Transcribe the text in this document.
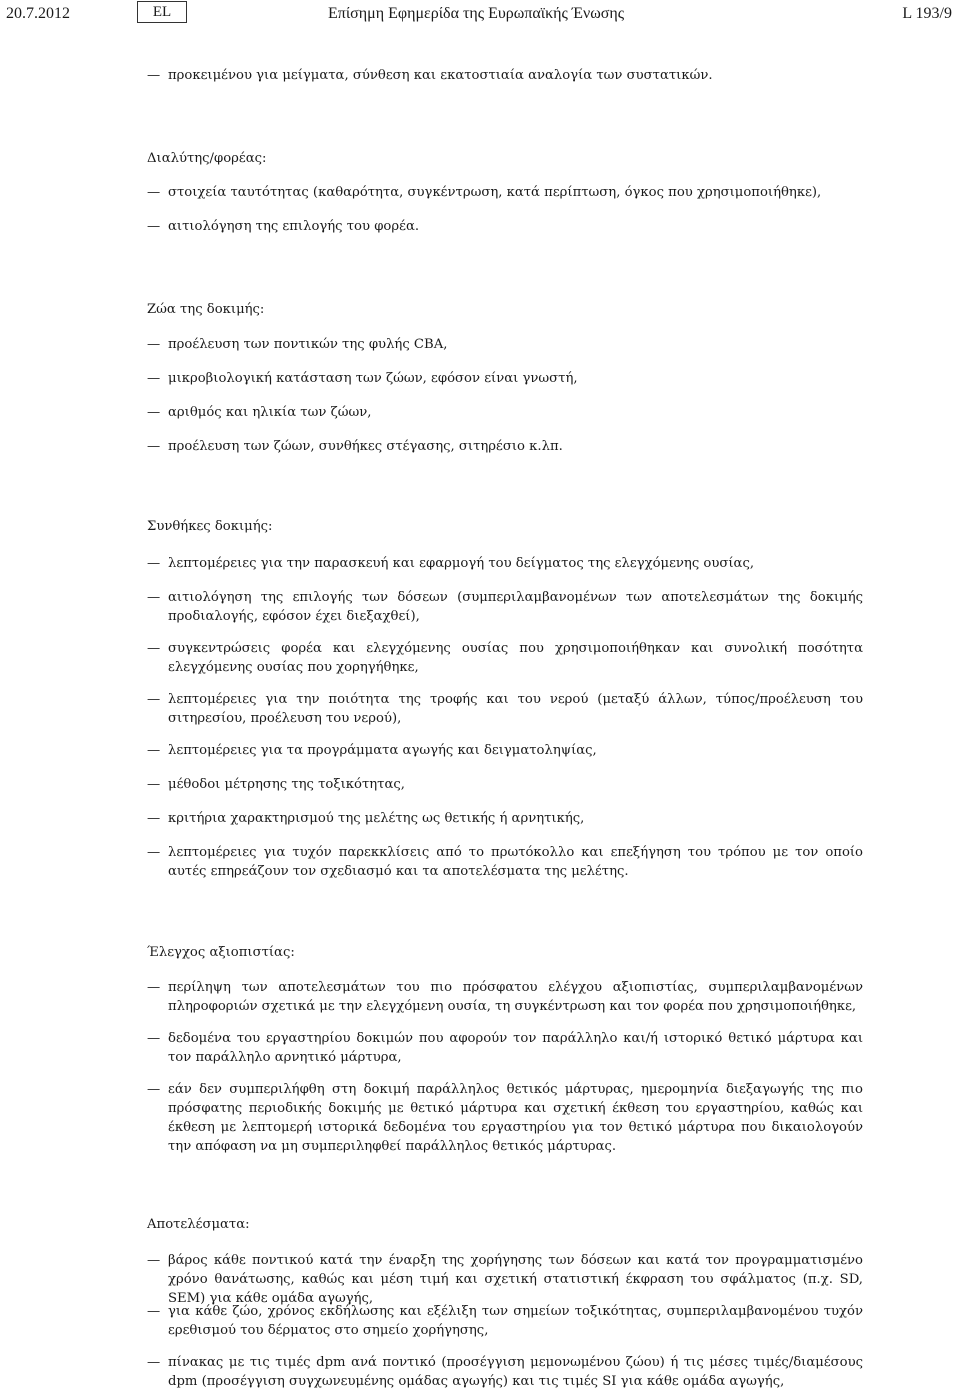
20.7.2012	EL	Επίσημη Εφημερίδα της Ευρωπαϊκής Ένωσης	L 193/9
— προκειμένου για μείγματα, σύνθεση και εκατοστιαία αναλογία των συστατικών.
Διαλύτης/φορέας:
— στοιχεία ταυτότητας (καθαρότητα, συγκέντρωση, κατά περίπτωση, όγκος που χρησιμοποιήθηκε),
— αιτιολόγηση της επιλογής του φορέα.
Ζώα της δοκιμής:
— προέλευση των ποντικών της φυλής CBA,
— μικροβιολογική κατάσταση των ζώων, εφόσον είναι γνωστή,
— αριθμός και ηλικία των ζώων,
— προέλευση των ζώων, συνθήκες στέγασης, σιτηρέσιο κ.λπ.
Συνθήκες δοκιμής:
— λεπτομέρειες για την παρασκευή και εφαρμογή του δείγματος της ελεγχόμενης ουσίας,
— αιτιολόγηση της επιλογής των δόσεων (συμπεριλαμβανομένων των αποτελεσμάτων της δοκιμής προδιαλογής, εφόσον έχει διεξαχθεί),
— συγκεντρώσεις φορέα και ελεγχόμενης ουσίας που χρησιμοποιήθηκαν και συνολική ποσότητα ελεγχόμενης ουσίας που χορηγήθηκε,
— λεπτομέρειες για την ποιότητα της τροφής και του νερού (μεταξύ άλλων, τύπος/προέλευση του σιτηρεσίου, προέλευση του νερού),
— λεπτομέρειες για τα προγράμματα αγωγής και δειγματοληψίας,
— μέθοδοι μέτρησης της τοξικότητας,
— κριτήρια χαρακτηρισμού της μελέτης ως θετικής ή αρνητικής,
— λεπτομέρειες για τυχόν παρεκκλίσεις από το πρωτόκολλο και επεξήγηση του τρόπου με τον οποίο αυτές επηρεάζουν τον σχεδιασμό και τα αποτελέσματα της μελέτης.
Έλεγχος αξιοπιστίας:
— περίληψη των αποτελεσμάτων του πιο πρόσφατου ελέγχου αξιοπιστίας, συμπεριλαμβανομένων πληροφοριών σχετικά με την ελεγχόμενη ουσία, τη συγκέντρωση και τον φορέα που χρησιμοποιήθηκε,
— δεδομένα του εργαστηρίου δοκιμών που αφορούν τον παράλληλο και/ή ιστορικό θετικό μάρτυρα και τον παράλληλο αρνητικό μάρτυρα,
— εάν δεν συμπεριλήφθη στη δοκιμή παράλληλος θετικός μάρτυρας, ημερομηνία διεξαγωγής της πιο πρόσφατης περιοδικής δοκιμής με θετικό μάρτυρα και σχετική έκθεση του εργαστηρίου, καθώς και έκθεση με λεπτομερή ιστορικά δεδομένα του εργαστηρίου για τον θετικό μάρτυρα που δικαιολογούν την απόφαση να μη συμπεριληφθεί παράλληλος θετικός μάρτυρας.
Αποτελέσματα:
— βάρος κάθε ποντικού κατά την έναρξη της χορήγησης των δόσεων και κατά τον προγραμματισμένο χρόνο θανάτωσης, καθώς και μέση τιμή και σχετική στατιστική έκφραση του σφάλματος (π.χ. SD, SEM) για κάθε ομάδα αγωγής,
— για κάθε ζώο, χρόνος εκδήλωσης και εξέλιξη των σημείων τοξικότητας, συμπεριλαμβανομένου τυχόν ερεθισμού του δέρματος στο σημείο χορήγησης,
— πίνακας με τις τιμές dpm ανά ποντικό (προσέγγιση μεμονωμένου ζώου) ή τις μέσες τιμές/διαμέσους dpm (προσέγγιση συγχωνευμένης ομάδας αγωγής) και τις τιμές SI για κάθε ομάδα αγωγής,
